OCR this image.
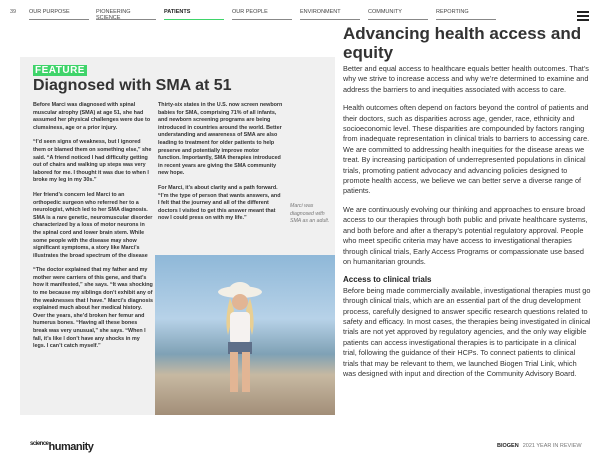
39 OUR PURPOSE	PIONEERING SCIENCE
PATIENTS	OUR PEOPLE	ENVIRONMENT	COMMUNITY	REPORTING
FEATURE
Diagnosed with SMA at 51

Before Marci was diagnosed with spinal muscular atrophy (SMA) at age 51, she had assumed her physical challenges were due to clumsiness, age or a prior injury.

“I’d seen signs of weakness, but I ignored them or blamed them on something else,” she said. “A friend noticed I had difficulty getting out of chairs and walking up steps was very labored for me. I thought it was due to when I broke my leg in my 30s.”

Her friend’s concern led Marci to an orthopedic surgeon who referred her to a neurologist, which led to her SMA diagnosis. SMA is a rare genetic, neuromuscular disorder characterized by a loss of motor neurons in the spinal cord and lower brain stem. While some people with the disease may show significant symptoms, a story like Marci’s illustrates the broad spectrum of the disease

“The doctor explained that my father and my mother were carriers of this gene, and that’s how it manifested,” she says. “It was shocking to me because my siblings don’t exhibit any of the weaknesses that I have.” Marci’s diagnosis explained much about her medical history. Over the years, she’d broken her femur and humerus bones. “Having all these bones break was very unusual,” she says. “When I fall, it’s like I don’t have any shocks in my legs. I can’t catch myself.”

Thirty-six states in the U.S. now screen newborn babies for SMA, comprising 71% of all infants, and newborn screening programs are being introduced in countries around the world. Better understanding and awareness of SMA are also leading to treatment for older patients to help preserve and potentially improve motor function. Importantly, SMA therapies introduced in recent years are giving the SMA community new hope.

For Marci, it’s about clarity and a path forward. “I’m the type of person that wants answers, and I felt that the journey and all of the different doctors I visited to get this answer meant that now I could press on with my life.”

Marci was diagnosed with SMA as an adult.
Advancing health access and equity

Better and equal access to healthcare equals better health outcomes. That’s why we strive to increase access and why we’re determined to examine and address the barriers to and inequities associated with access to care.

Health outcomes often depend on factors beyond the control of patients and their doctors, such as disparities across age, gender, race, ethnicity and socioeconomic level. These disparities are compounded by factors ranging from inadequate representation in clinical trials to barriers to accessing care. We are committed to addressing health inequities for the disease areas we treat. By increasing participation of underrepresented populations in clinical trials, promoting patient advocacy and advancing policies designed to promote health access, we believe we can better serve a diverse range of patients.

We are continuously evolving our thinking and approaches to ensure broad access to our therapies through both public and private healthcare systems, and both before and after a therapy’s potential regulatory approval. People who meet specific criteria may have access to investigational therapies through clinical trials, Early Access Programs or compassionate use based on humanitarian grounds.

Access to clinical trials

Before being made commercially available, investigational therapies must go through clinical trials, which are an essential part of the drug development process, carefully designed to answer specific research questions related to safety and efficacy. In most cases, the therapies being investigated in clinical trials are not yet approved by regulatory agencies, and the only way eligible patients can access investigational therapies is to participate in a clinical trial, following the guidance of their HCPs. To connect patients to clinical trials that may be relevant to them, we launched Biogen Trial Link, which was designed with input and direction of the Community Advisory Board.

$^{science}$humanity	BIOGEN 2021 YEAR IN REVIEW
